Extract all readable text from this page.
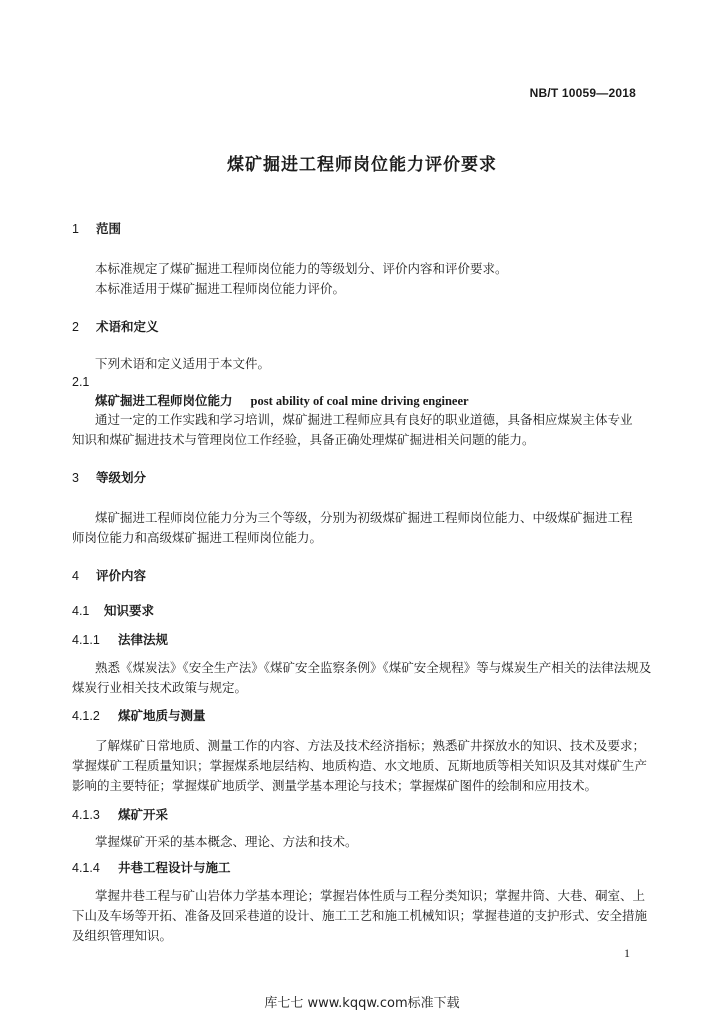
NB/T 10059—2018
煤矿掘进工程师岗位能力评价要求
1 范围
本标准规定了煤矿掘进工程师岗位能力的等级划分、评价内容和评价要求。
本标准适用于煤矿掘进工程师岗位能力评价。
2 术语和定义
下列术语和定义适用于本文件。
2.1
煤矿掘进工程师岗位能力 post ability of coal mine driving engineer
通过一定的工作实践和学习培训，煤矿掘进工程师应具有良好的职业道德，具备相应煤炭主体专业
知识和煤矿掘进技术与管理岗位工作经验，具备正确处理煤矿掘进相关问题的能力。
3 等级划分
煤矿掘进工程师岗位能力分为三个等级，分别为初级煤矿掘进工程师岗位能力、中级煤矿掘进工程
师岗位能力和高级煤矿掘进工程师岗位能力。
4 评价内容
4.1 知识要求
4.1.1 法律法规
熟悉《煤炭法》《安全生产法》《煤矿安全监察条例》《煤矿安全规程》等与煤炭生产相关的法律法规及
煤炭行业相关技术政策与规定。
4.1.2 煤矿地质与测量
了解煤矿日常地质、测量工作的内容、方法及技术经济指标；熟悉矿井探放水的知识、技术及要求；
掌握煤矿工程质量知识；掌握煤系地层结构、地质构造、水文地质、瓦斯地质等相关知识及其对煤矿生产
影响的主要特征；掌握煤矿地质学、测量学基本理论与技术；掌握煤矿图件的绘制和应用技术。
4.1.3 煤矿开采
掌握煤矿开采的基本概念、理论、方法和技术。
4.1.4 井巷工程设计与施工
掌握井巷工程与矿山岩体力学基本理论；掌握岩体性质与工程分类知识；掌握井筒、大巷、硐室、上
下山及车场等开拓、准备及回采巷道的设计、施工工艺和施工机械知识；掌握巷道的支护形式、安全措施
及组织管理知识。
1
库七七 www.kqqw.com标准下载
